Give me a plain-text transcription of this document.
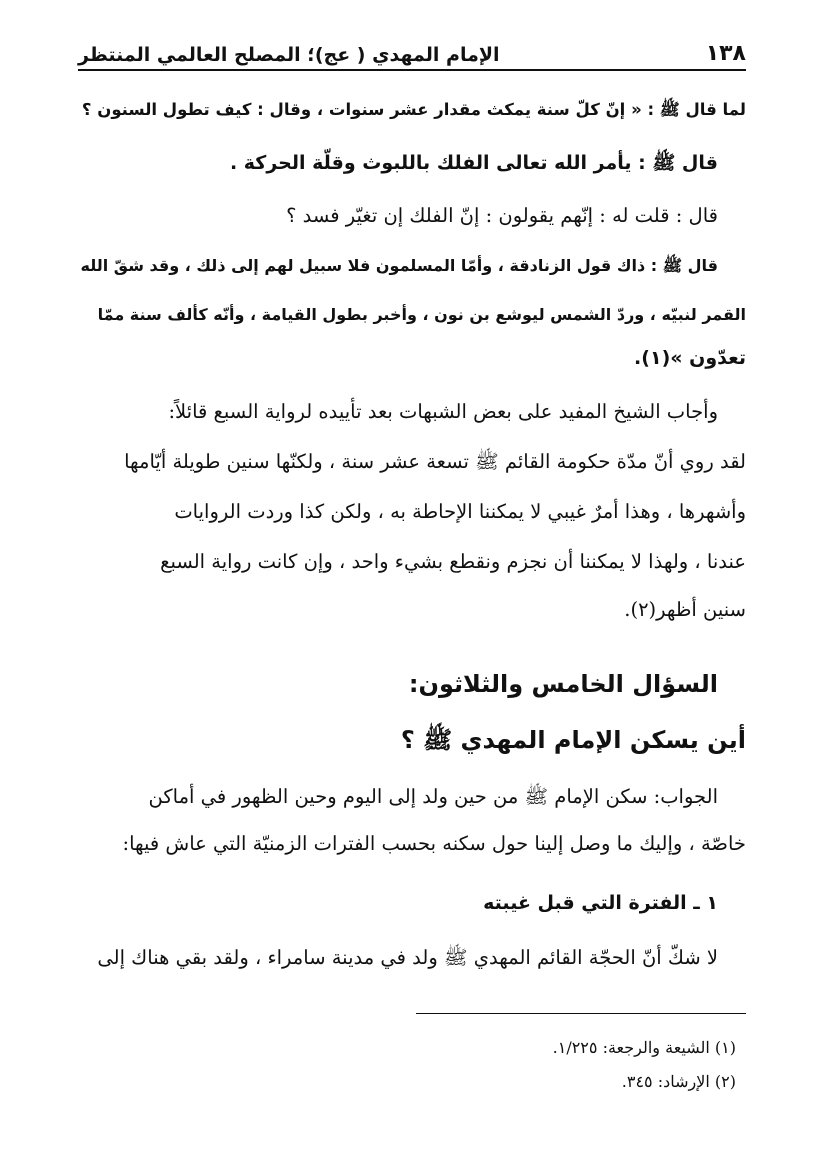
١٣٨
الإمام المهدي ( عج)؛ المصلح العالمي المنتظر
لما قال ﷺ : « إنّ كلّ سنة يمكث مقدار عشر سنوات ، وقال : كيف تطول السنون ؟
قال ﷺ : يأمر الله تعالى الفلك باللبوث وقلّة الحركة .
قال : قلت له : إنّهم يقولون : إنّ الفلك إن تغيّر فسد ؟
قال ﷺ : ذاك قول الزنادقة ، وأمّا المسلمون فلا سبيل لهم إلى ذلك ، وقد شقّ الله
القمر لنبيّه ، وردّ الشمس ليوشع بن نون ، وأخبر بطول القيامة ، وأنّه كألف سنة ممّا
تعدّون »(١).
وأجاب الشيخ المفيد على بعض الشبهات بعد تأييده لرواية السبع قائلاً:
لقد روي أنّ مدّة حكومة القائم ﷺ تسعة عشر سنة ، ولكنّها سنين طويلة أيّامها
وأشهرها ، وهذا أمرٌ غيبي لا يمكننا الإحاطة به ، ولكن كذا وردت الروايات
عندنا ، ولهذا لا يمكننا أن نجزم ونقطع بشيء واحد ، وإن كانت رواية السبع
سنين أظهر(٢).
السؤال الخامس والثلاثون:
أين يسكن الإمام المهدي ﷺ ؟
الجواب: سكن الإمام ﷺ من حين ولد إلى اليوم وحين الظهور في أماكن
خاصّة ، وإليك ما وصل إلينا حول سكنه بحسب الفترات الزمنيّة التي عاش فيها:
١ ـ الفترة التي قبل غيبته
لا شكّ أنّ الحجّة القائم المهدي ﷺ ولد في مدينة سامراء ، ولقد بقي هناك إلى
(١) الشيعة والرجعة: ١/٢٢٥.
(٢) الإرشاد: ٣٤٥.
